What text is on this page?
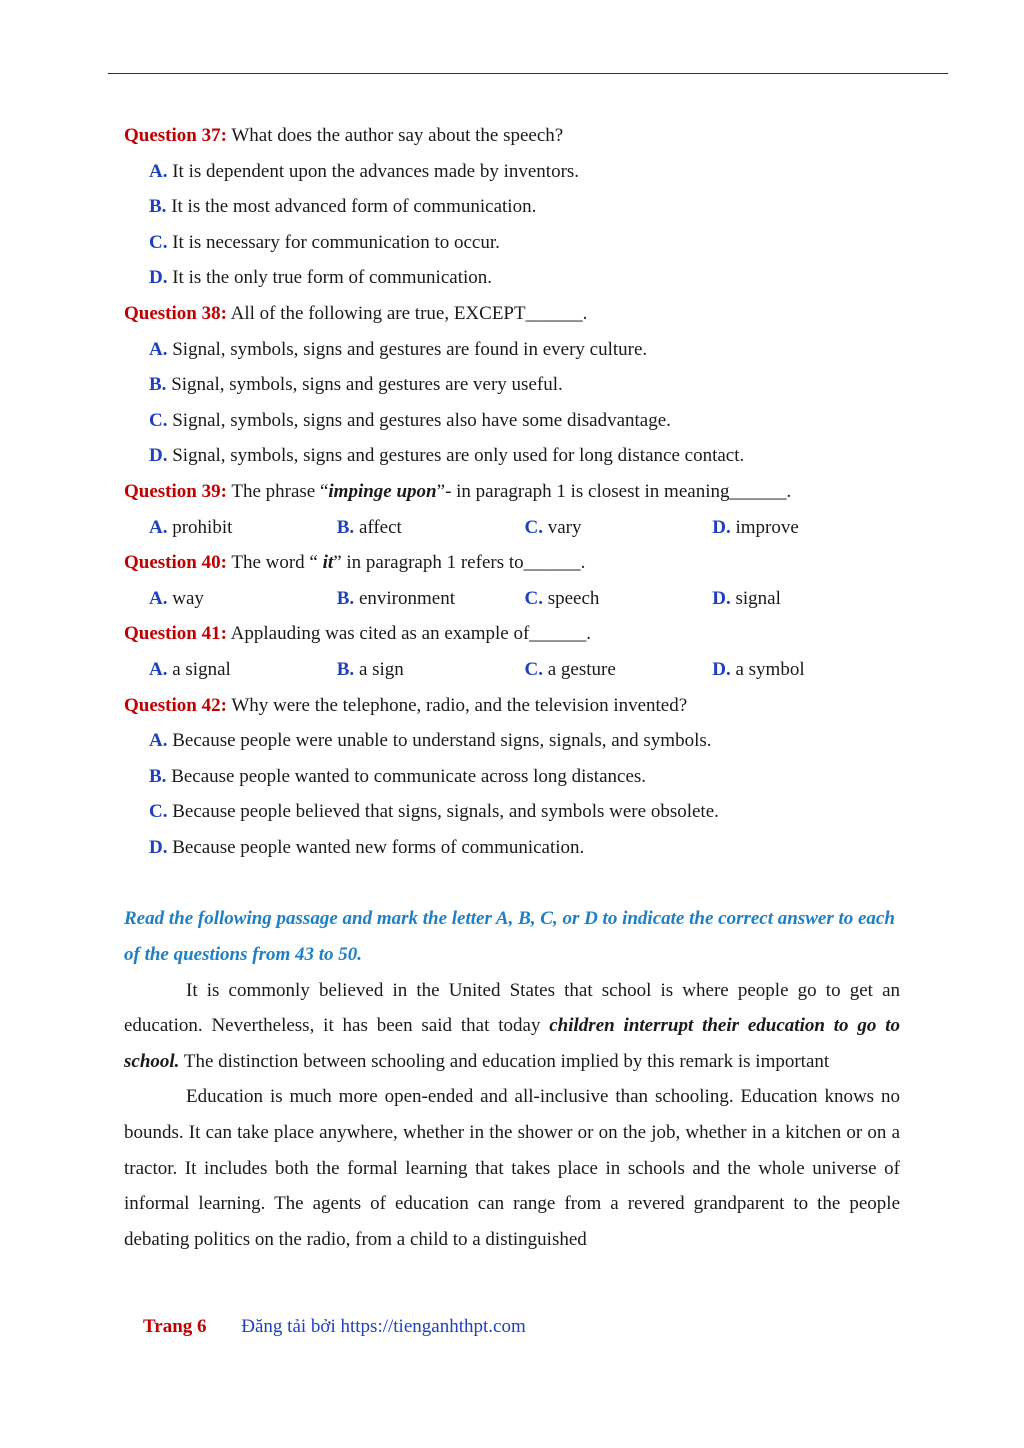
Question 37: What does the author say about the speech?
A. It is dependent upon the advances made by inventors.
B. It is the most advanced form of communication.
C. It is necessary for communication to occur.
D. It is the only true form of communication.
Question 38: All of the following are true, EXCEPT______.
A. Signal, symbols, signs and gestures are found in every culture.
B. Signal, symbols, signs and gestures are very useful.
C. Signal, symbols, signs and gestures also have some disadvantage.
D. Signal, symbols, signs and gestures are only used for long distance contact.
Question 39: The phrase “impinge upon”- in paragraph 1 is closest in meaning______.
A. prohibit	B. affect	C. vary	D. improve
Question 40: The word “ it” in paragraph 1 refers to______.
A. way	B. environment	C. speech	D. signal
Question 41: Applauding was cited as an example of______.
A. a signal	B. a sign	C. a gesture	D. a symbol
Question 42: Why were the telephone, radio, and the television invented?
A. Because people were unable to understand signs, signals, and symbols.
B. Because people wanted to communicate across long distances.
C. Because people believed that signs, signals, and symbols were obsolete.
D. Because people wanted new forms of communication.
Read the following passage and mark the letter A, B, C, or D to indicate the correct answer to each of the questions from 43 to 50.

It is commonly believed in the United States that school is where people go to get an education. Nevertheless, it has been said that today children interrupt their education to go to school. The distinction between schooling and education implied by this remark is important

Education is much more open-ended and all-inclusive than schooling. Education knows no bounds. It can take place anywhere, whether in the shower or on the job, whether in a kitchen or on a tractor. It includes both the formal learning that takes place in schools and the whole universe of informal learning. The agents of education can range from a revered grandparent to the people debating politics on the radio, from a child to a distinguished

Trang 6 Đăng tải bởi https://tienganhthpt.com
